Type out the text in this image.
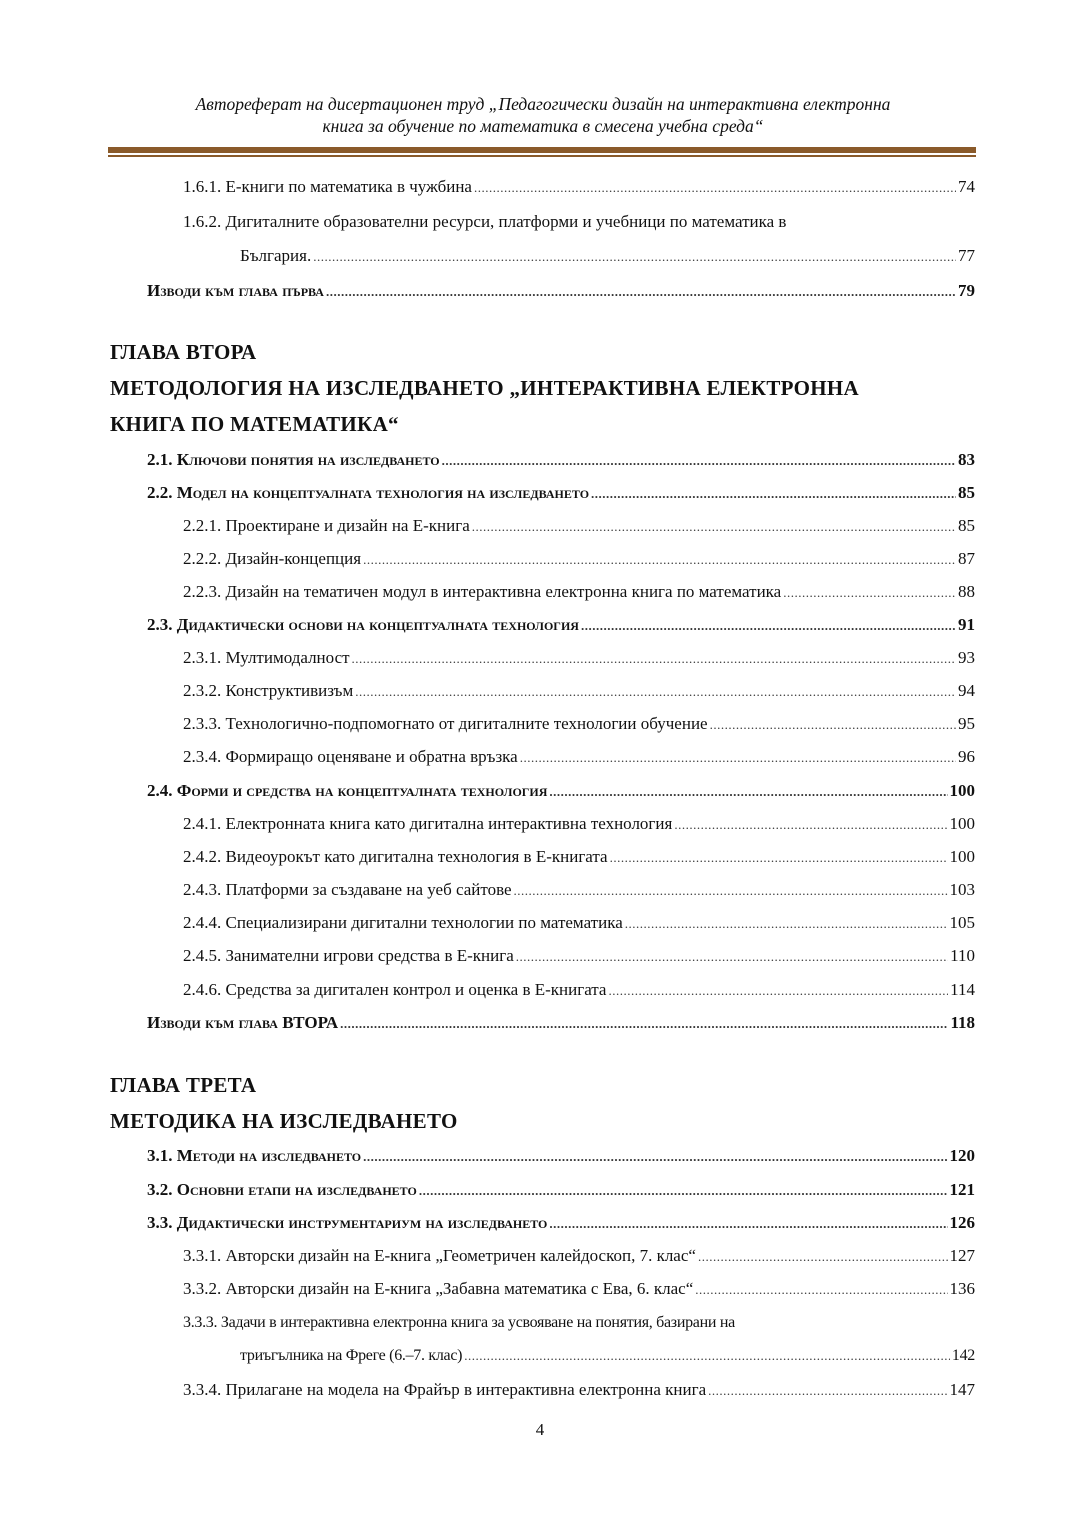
Автореферат на дисертационен труд „Педагогически дизайн на интерактивна електронна
книга за обучение по математика в смесена учебна среда“
1.6.1. Е-книги по математика в чужбина .....	74
1.6.2. Дигиталните образователни ресурси, платформи и учебници по математика в
България. .....	77
Изводи към глава първа .....	79
ГЛАВА ВТОРА
МЕТОДОЛОГИЯ НА ИЗСЛЕДВАНЕТО „ИНТЕРАКТИВНА ЕЛЕКТРОННА
КНИГА ПО МАТЕМАТИКА“
2.1. Ключови понятия на изследването .....	83
2.2. Модел на концептуалната технология на изследването .....	85
2.2.1. Проектиране и дизайн на Е-книга .....	85
2.2.2. Дизайн-концепция .....	87
2.2.3. Дизайн на тематичен модул в интерактивна електронна книга по математика .....	88
2.3. Дидактически основи на концептуалната технология .....	91
2.3.1. Мултимодалност .....	93
2.3.2. Конструктивизъм .....	94
2.3.3. Технологично-подпомогнато от дигиталните технологии обучение .....	95
2.3.4. Формиращо оценяване и обратна връзка .....	96
2.4. Форми и средства на концептуалната технология .....	100
2.4.1. Електронната книга като дигитална интерактивна технология .....	100
2.4.2. Видеоурокът като дигитална технология в Е-книгата .....	100
2.4.3. Платформи за създаване на уеб сайтове .....	103
2.4.4. Специализирани дигитални технологии по математика .....	105
2.4.5. Занимателни игрови средства в Е-книга .....	110
2.4.6. Средства за дигитален контрол и оценка в Е-книгата .....	114
Изводи към глава ВТОРА .....	118
ГЛАВА ТРЕТА
МЕТОДИКА НА ИЗСЛЕДВАНЕТО
3.1. Методи на изследването .....	120
3.2. Основни етапи на изследването .....	121
3.3. Дидактически инструментариум на изследването .....	126
3.3.1. Авторски дизайн на Е-книга „Геометричен калейдоскоп, 7. клас“ .....	127
3.3.2. Авторски дизайн на Е-книга „Забавна математика с Ева, 6. клас“ .....	136
3.3.3. Задачи в интерактивна електронна книга за усвояване на понятия, базирани на
триъгълника на Фреге (6.–7. клас) .....	142
3.3.4. Прилагане на модела на Фрайър в интерактивна електронна книга .....	147
4
